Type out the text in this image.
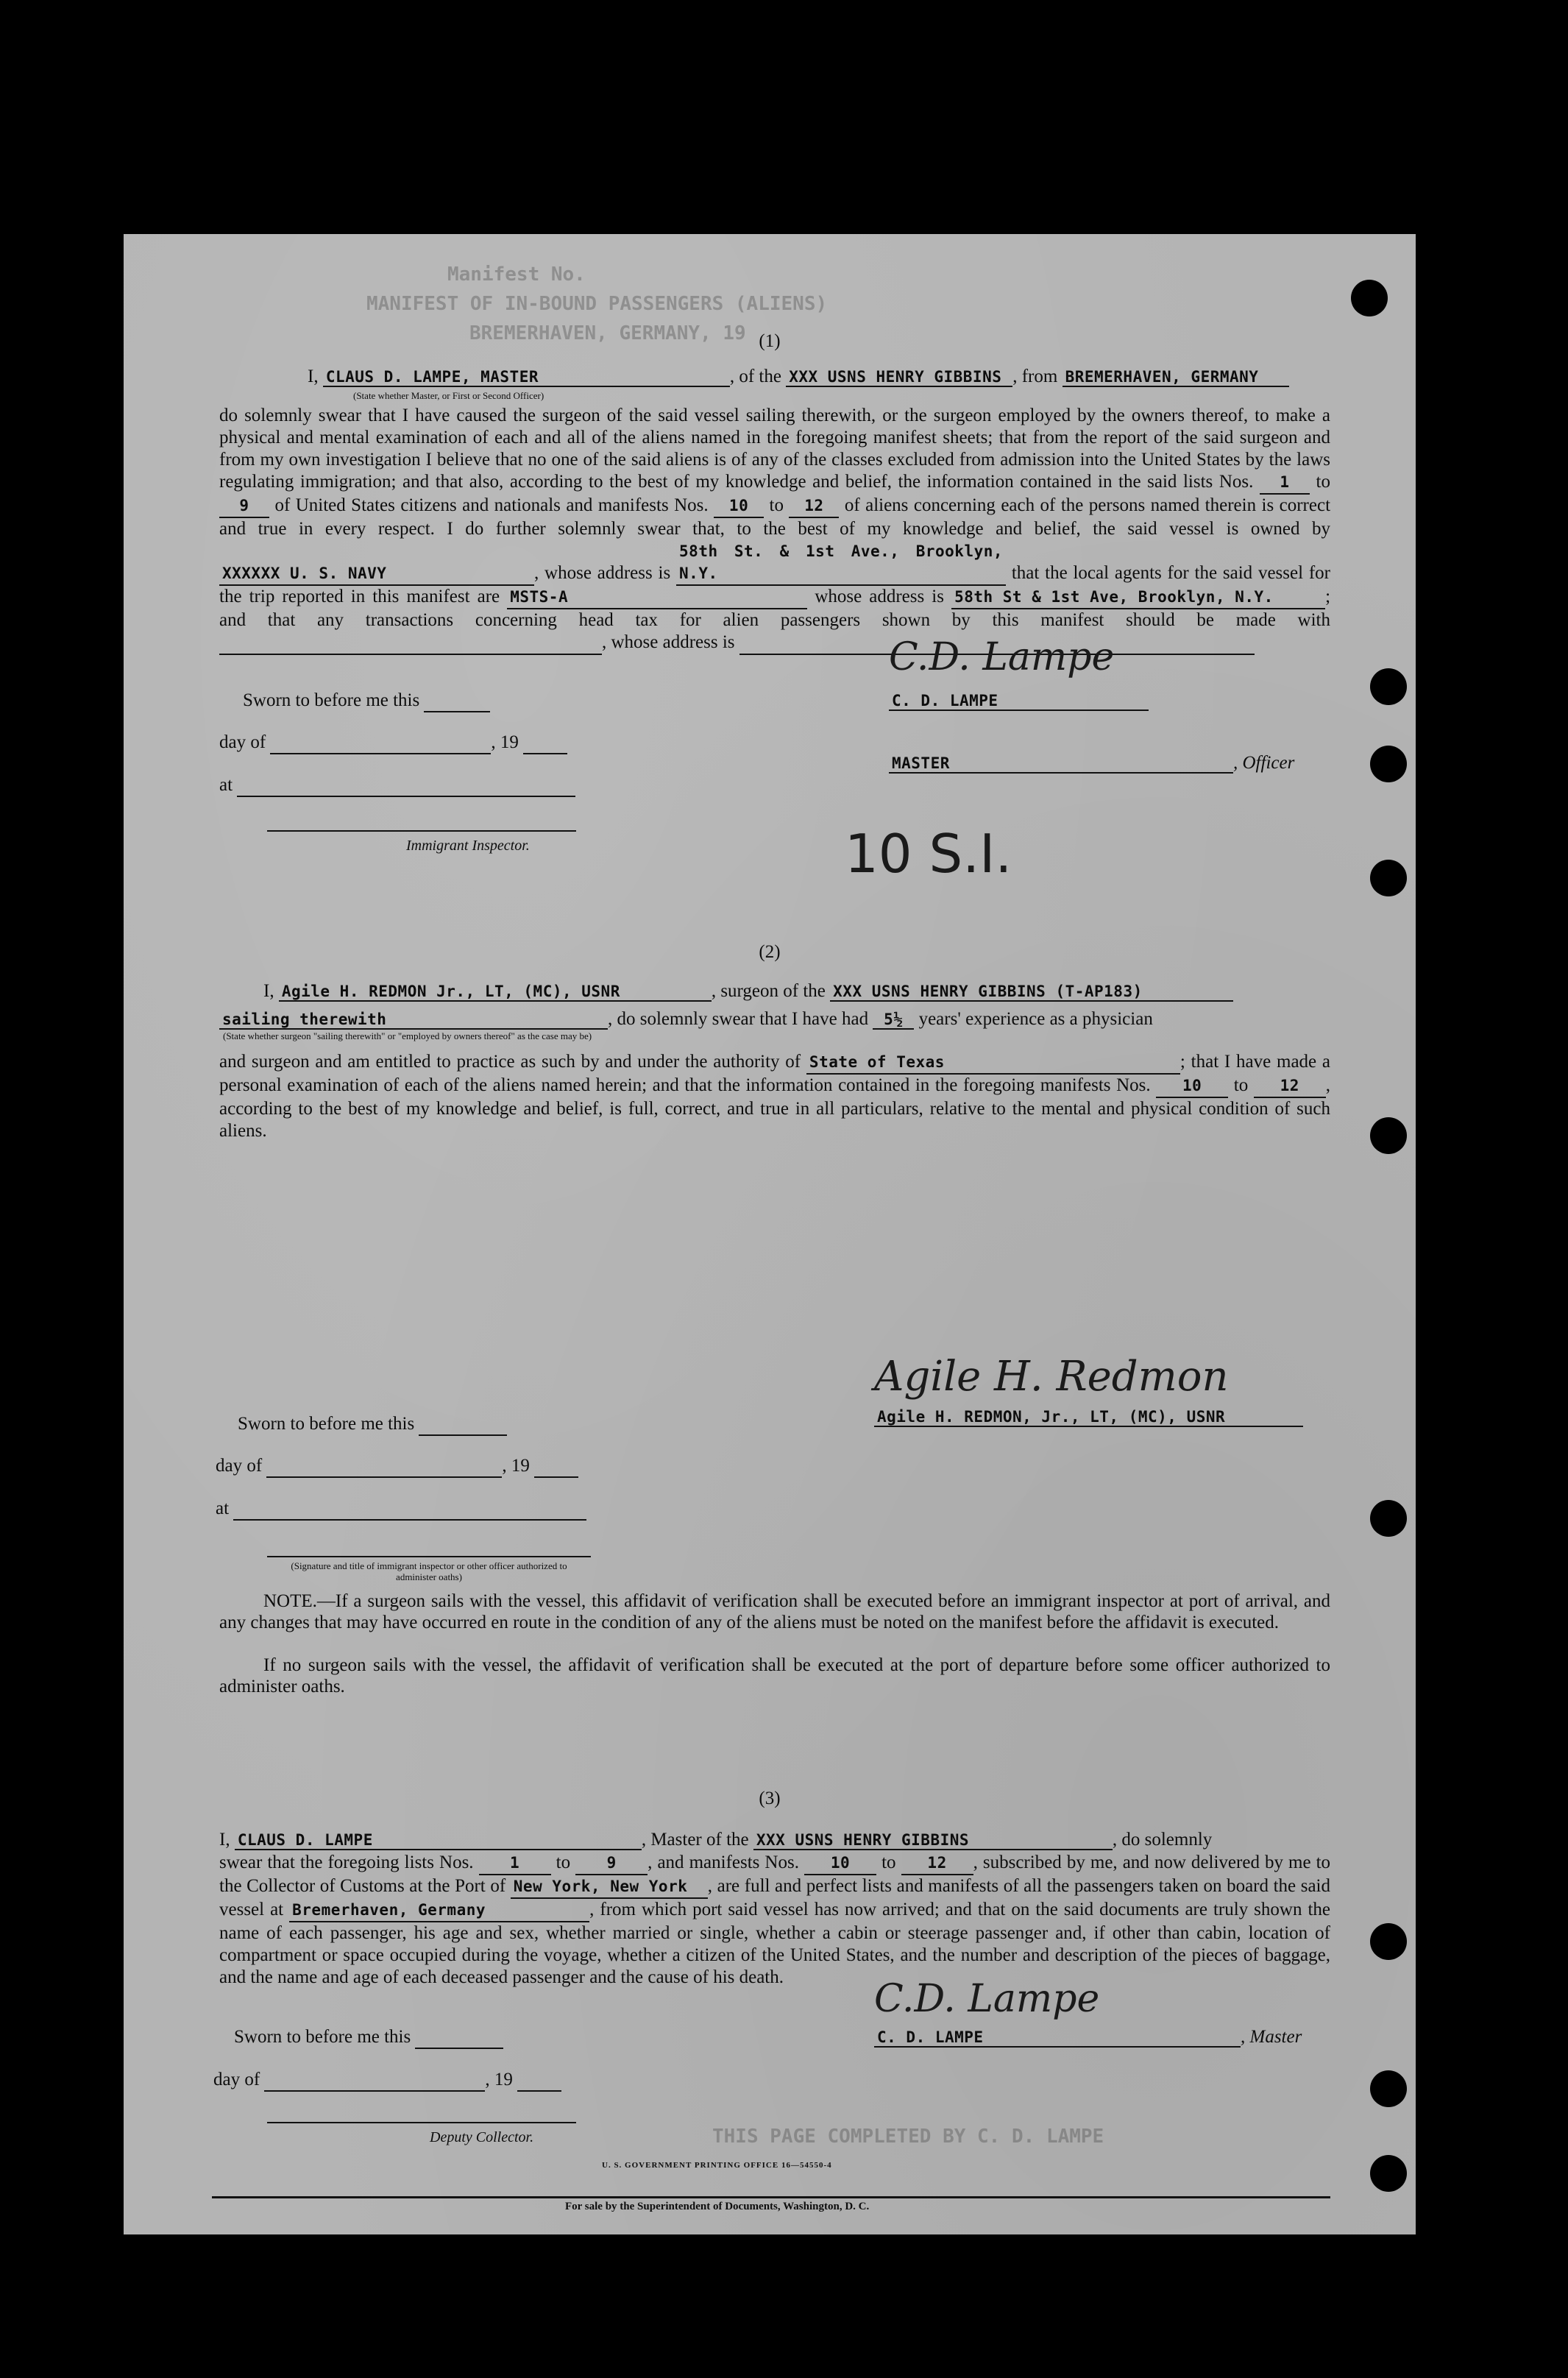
Manifest No.
MANIFEST OF IN-BOUND PASSENGERS (ALIENS)
BREMERHAVEN, GERMANY, 19
THIS PAGE COMPLETED BY C. D. LAMPE
(1)
I, CLAUS D. LAMPE, MASTER	, of the XXX USNS HENRY GIBBINS , from BREMERHAVEN, GERMANY
(State whether Master, or First or Second Officer)
do solemnly swear that I have caused the surgeon of the said vessel sailing therewith, or the surgeon employed by the owners thereof, to make a physical and mental examination of each and all of the aliens named in the foregoing manifest sheets; that from the report of the said surgeon and from my own investigation I believe that no one of the said aliens is of any of the classes excluded from admission into the United States by the laws regulating immigration; and that also, according to the best of my knowledge and belief, the information contained in the said lists Nos. 1 to 9 of United States citizens and nationals and manifests Nos. 10 to 12 of aliens concerning each of the persons named therein is correct and true in every respect. I do further solemnly swear that, to the best of my knowledge and belief, the said vessel is owned by XXXXXX U. S. NAVY	, whose address is 58th St. & 1st Ave., Brooklyn, N.Y.	that the local agents for the said vessel for the trip reported in this manifest are MSTS-A	whose address is 58th St & 1st Ave, Brooklyn, N.Y.	; and that any transactions concerning head tax for alien passengers shown by this manifest should be made with  , whose address is
Sworn to before me this
day of	, 19
at
Immigrant Inspector.
C.D. Lampe
C. D. LAMPE
MASTER	, Officer
10 S.I.
(2)
I, Agile H. REDMON Jr., LT, (MC), USNR	, surgeon of the XXX USNS HENRY GIBBINS (T-AP183)
sailing therewith	, do solemnly swear that I have had 5½ years' experience as a physician
(State whether surgeon "sailing therewith" or "employed by owners thereof" as the case may be)
and surgeon and am entitled to practice as such by and under the authority of State of Texas	; that I have made a personal examination of each of the aliens named herein; and that the information contained in the foregoing manifests Nos. 10 to 12 , according to the best of my knowledge and belief, is full, correct, and true in all particulars, relative to the mental and physical condition of such aliens.
Agile H. Redmon
Agile H. REDMON, Jr., LT, (MC), USNR
Sworn to before me this
day of	, 19
at
(Signature and title of immigrant inspector or other officer authorized to administer oaths)
NOTE.—If a surgeon sails with the vessel, this affidavit of verification shall be executed before an immigrant inspector at port of arrival, and any changes that may have occurred en route in the condition of any of the aliens must be noted on the manifest before the affidavit is executed.
If no surgeon sails with the vessel, the affidavit of verification shall be executed at the port of departure before some officer authorized to administer oaths.
(3)
I, CLAUS D. LAMPE	, Master of the XXX USNS HENRY GIBBINS	, do solemnly
swear that the foregoing lists Nos. 1 to 9 , and manifests Nos. 10 to 12 , subscribed by me, and now delivered by me to the Collector of Customs at the Port of New York, New York , are full and perfect lists and manifests of all the passengers taken on board the said vessel at Bremerhaven, Germany	, from which port said vessel has now arrived; and that on the said documents are truly shown the name of each passenger, his age and sex, whether married or single, whether a cabin or steerage passenger and, if other than cabin, location of compartment or space occupied during the voyage, whether a citizen of the United States, and the number and description of the pieces of baggage, and the name and age of each deceased passenger and the cause of his death.
Sworn to before me this
day of	, 19
Deputy Collector.
C.D. Lampe
C. D. LAMPE	, Master
U. S. GOVERNMENT PRINTING OFFICE 16—54550-4
For sale by the Superintendent of Documents, Washington, D. C.
